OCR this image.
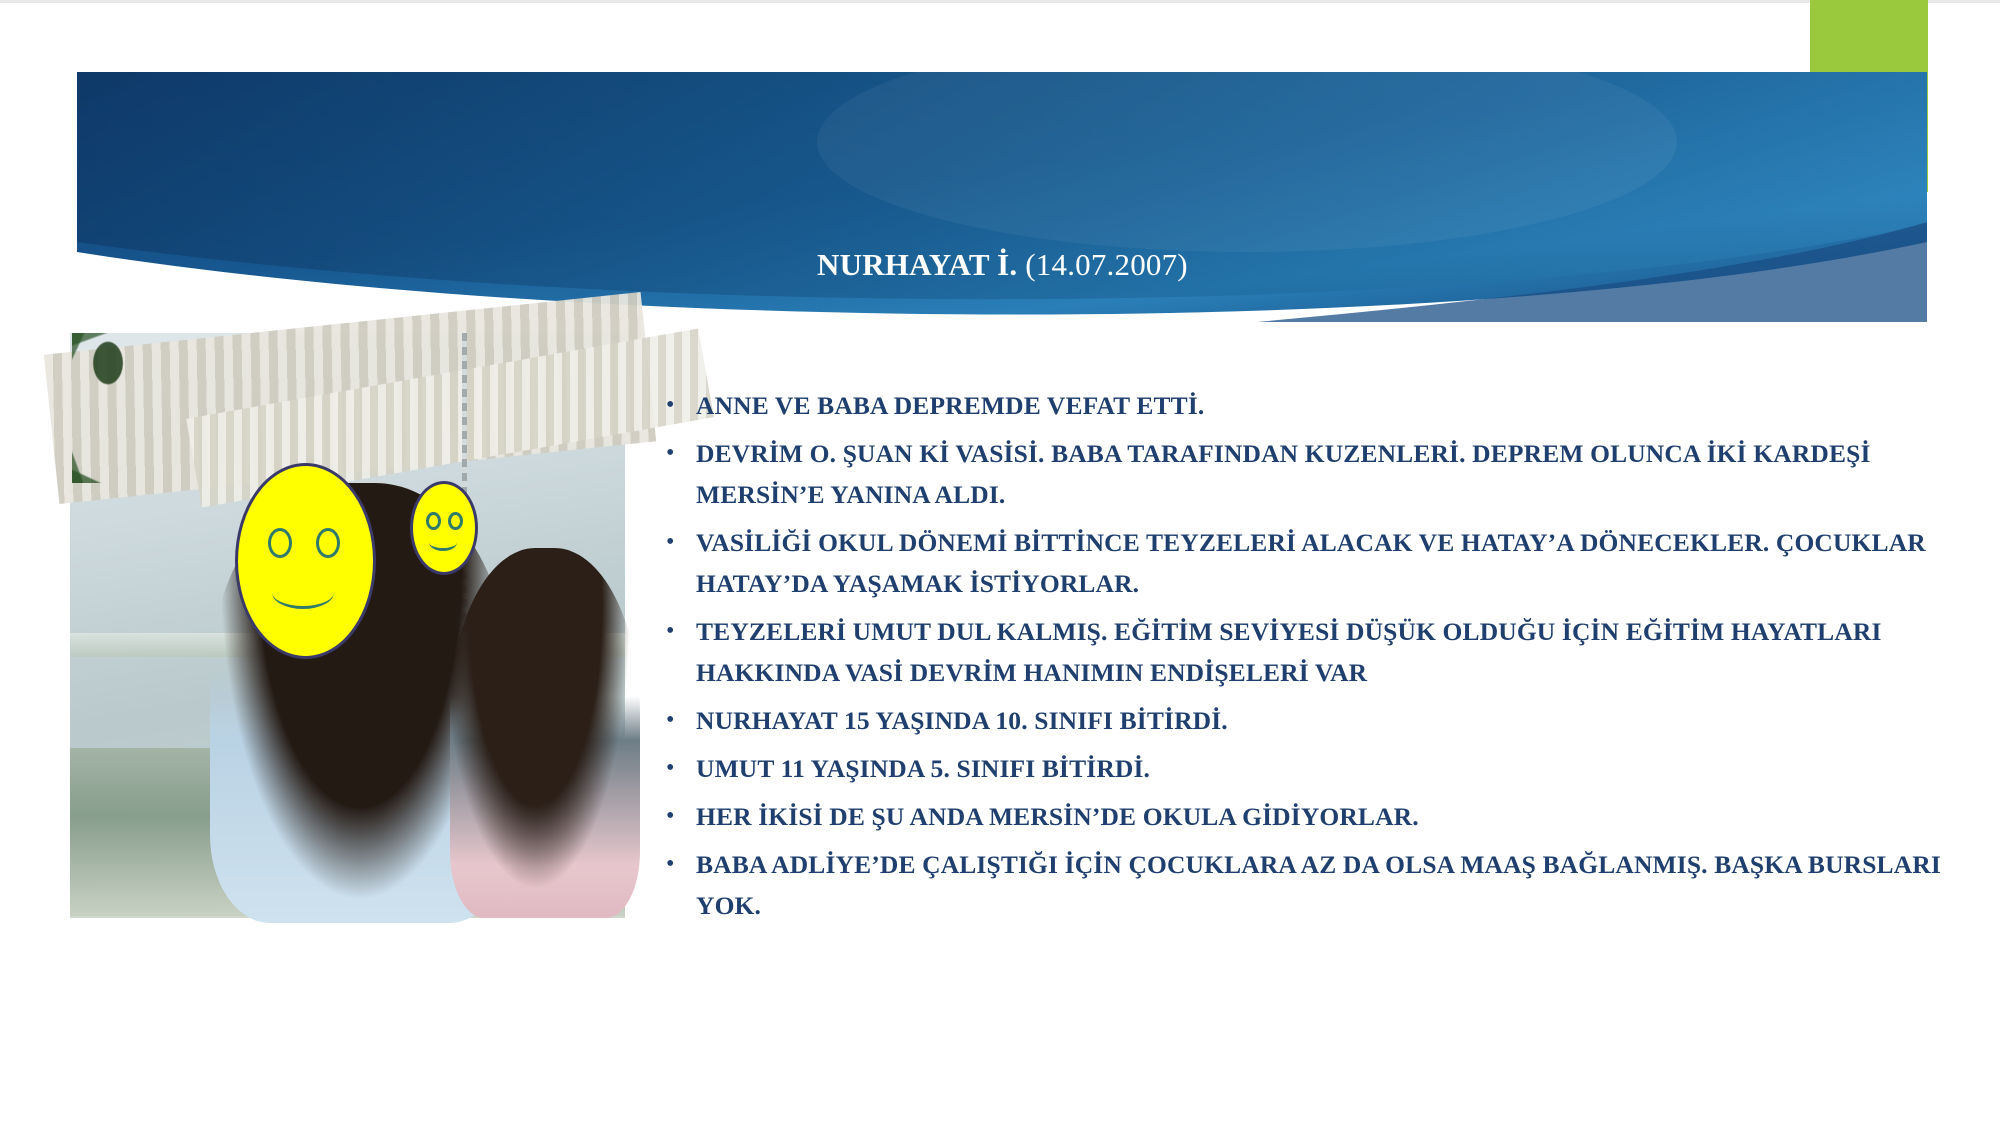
NURHAYAT İ. (14.07.2007)
UMUT İ. (28.01.2012)
• ANNE VE BABA DEPREMDE VEFAT ETTİ.
• DEVRİM O. ŞUAN Kİ VASİSİ. BABA TARAFINDAN KUZENLERİ. DEPREM OLUNCA İKİ KARDEŞİ MERSİN’E YANINA ALDI.
• VASİLİĞİ OKUL DÖNEMİ BİTTİNCE TEYZELERİ ALACAK VE HATAY’A DÖNECEKLER. ÇOCUKLAR HATAY’DA YAŞAMAK İSTİYORLAR.
• TEYZELERİ UMUT DUL KALMIŞ. EĞİTİM SEVİYESİ DÜŞÜK OLDUĞU İÇİN EĞİTİM HAYATLARI HAKKINDA VASİ DEVRİM HANIMIN ENDİŞELERİ VAR
• NURHAYAT 15 YAŞINDA 10. SINIFI BİTİRDİ.
• UMUT 11 YAŞINDA 5. SINIFI BİTİRDİ.
• HER İKİSİ DE ŞU ANDA MERSİN’DE OKULA GİDİYORLAR.
• BABA ADLİYE’DE ÇALIŞTIĞI İÇİN ÇOCUKLARA AZ DA OLSA MAAŞ BAĞLANMIŞ. BAŞKA BURSLARI YOK.
